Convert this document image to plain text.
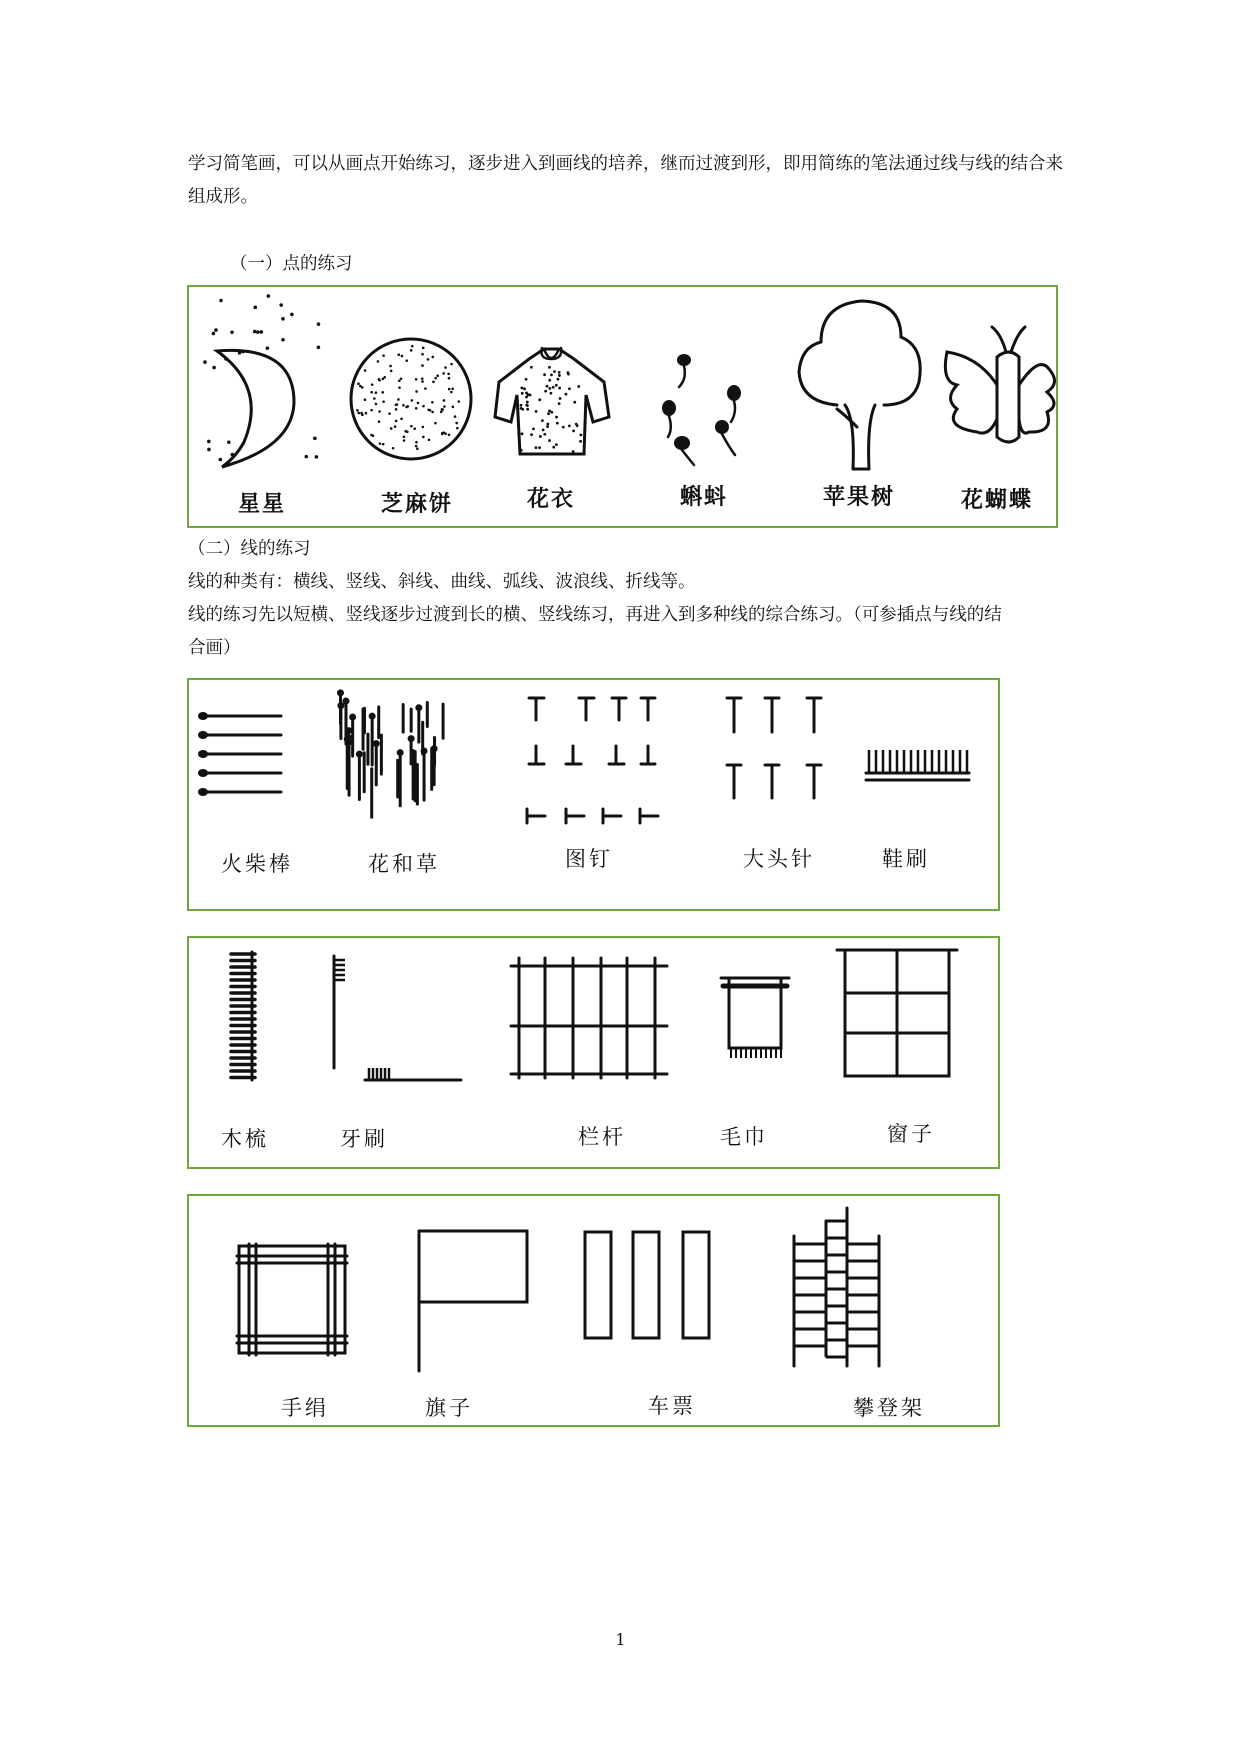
学习简笔画，可以从画点开始练习，逐步进入到画线的培养，继而过渡到形，即用简练的笔法通过线与线的结合来组成形。

（一）点的练习

星星	芝麻饼	花衣	蝌蚪	苹果树	花蝴蝶

（二）线的练习

线的种类有：横线、竖线、斜线、曲线、弧线、波浪线、折线等。

线的练习先以短横、竖线逐步过渡到长的横、竖线练习，再进入到多种线的综合练习。（可参插点与线的结

合画）

火柴棒	花和草	图钉	大头针	鞋刷
木梳	牙刷	栏杆	毛巾	窗子
手绢	旗子	车票	攀登架
1
